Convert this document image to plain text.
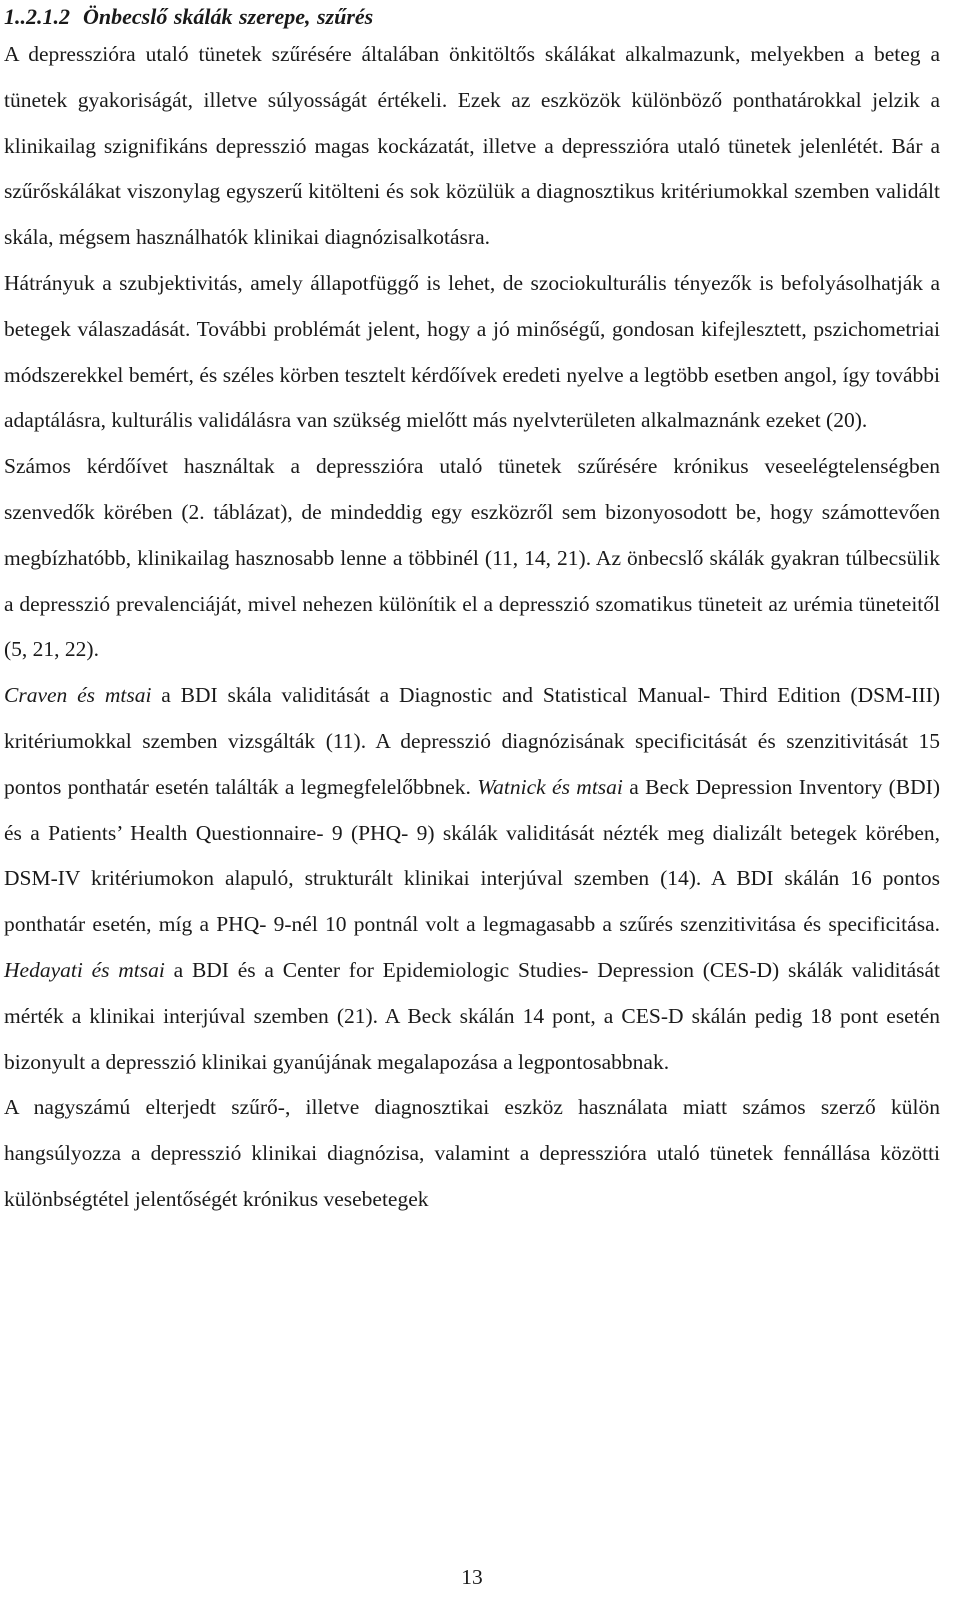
1..2.1.2 Önbecslő skálák szerepe, szűrés

A depresszióra utaló tünetek szűrésére általában önkitöltős skálákat alkalmazunk, melyekben a beteg a tünetek gyakoriságát, illetve súlyosságát értékeli. Ezek az eszközök különböző ponthatárokkal jelzik a klinikailag szignifikáns depresszió magas kockázatát, illetve a depresszióra utaló tünetek jelenlétét. Bár a szűrőskálákat viszonylag egyszerű kitölteni és sok közülük a diagnosztikus kritériumokkal szemben validált skála, mégsem használhatók klinikai diagnózisalkotásra.

Hátrányuk a szubjektivitás, amely állapotfüggő is lehet, de szociokulturális tényezők is befolyásolhatják a betegek válaszadását. További problémát jelent, hogy a jó minőségű, gondosan kifejlesztett, pszichometriai módszerekkel bemért, és széles körben tesztelt kérdőívek eredeti nyelve a legtöbb esetben angol, így további adaptálásra, kulturális validálásra van szükség mielőtt más nyelvterületen alkalmaznánk ezeket (20).

Számos kérdőívet használtak a depresszióra utaló tünetek szűrésére krónikus veseelégtelenségben szenvedők körében (2. táblázat), de mindeddig egy eszközről sem bizonyosodott be, hogy számottevően megbízhatóbb, klinikailag hasznosabb lenne a többinél (11, 14, 21). Az önbecslő skálák gyakran túlbecsülik a depresszió prevalenciáját, mivel nehezen különítik el a depresszió szomatikus tüneteit az urémia tüneteitől (5, 21, 22).

Craven és mtsai a BDI skála validitását a Diagnostic and Statistical Manual- Third Edition (DSM-III) kritériumokkal szemben vizsgálták (11). A depresszió diagnózisának specificitását és szenzitivitását 15 pontos ponthatár esetén találták a legmegfelelőbbnek. Watnick és mtsai a Beck Depression Inventory (BDI) és a Patients’ Health Questionnaire- 9 (PHQ- 9) skálák validitását nézték meg dializált betegek körében, DSM-IV kritériumokon alapuló, strukturált klinikai interjúval szemben (14). A BDI skálán 16 pontos ponthatár esetén, míg a PHQ- 9-nél 10 pontnál volt a legmagasabb a szűrés szenzitivitása és specificitása. Hedayati és mtsai a BDI és a Center for Epidemiologic Studies- Depression (CES-D) skálák validitását mérték a klinikai interjúval szemben (21). A Beck skálán 14 pont, a CES-D skálán pedig 18 pont esetén bizonyult a depresszió klinikai gyanújának megalapozása a legpontosabbnak.

A nagyszámú elterjedt szűrő-, illetve diagnosztikai eszköz használata miatt számos szerző külön hangsúlyozza a depresszió klinikai diagnózisa, valamint a depresszióra utaló tünetek fennállása közötti különbségtétel jelentőségét krónikus vesebetegek

13
